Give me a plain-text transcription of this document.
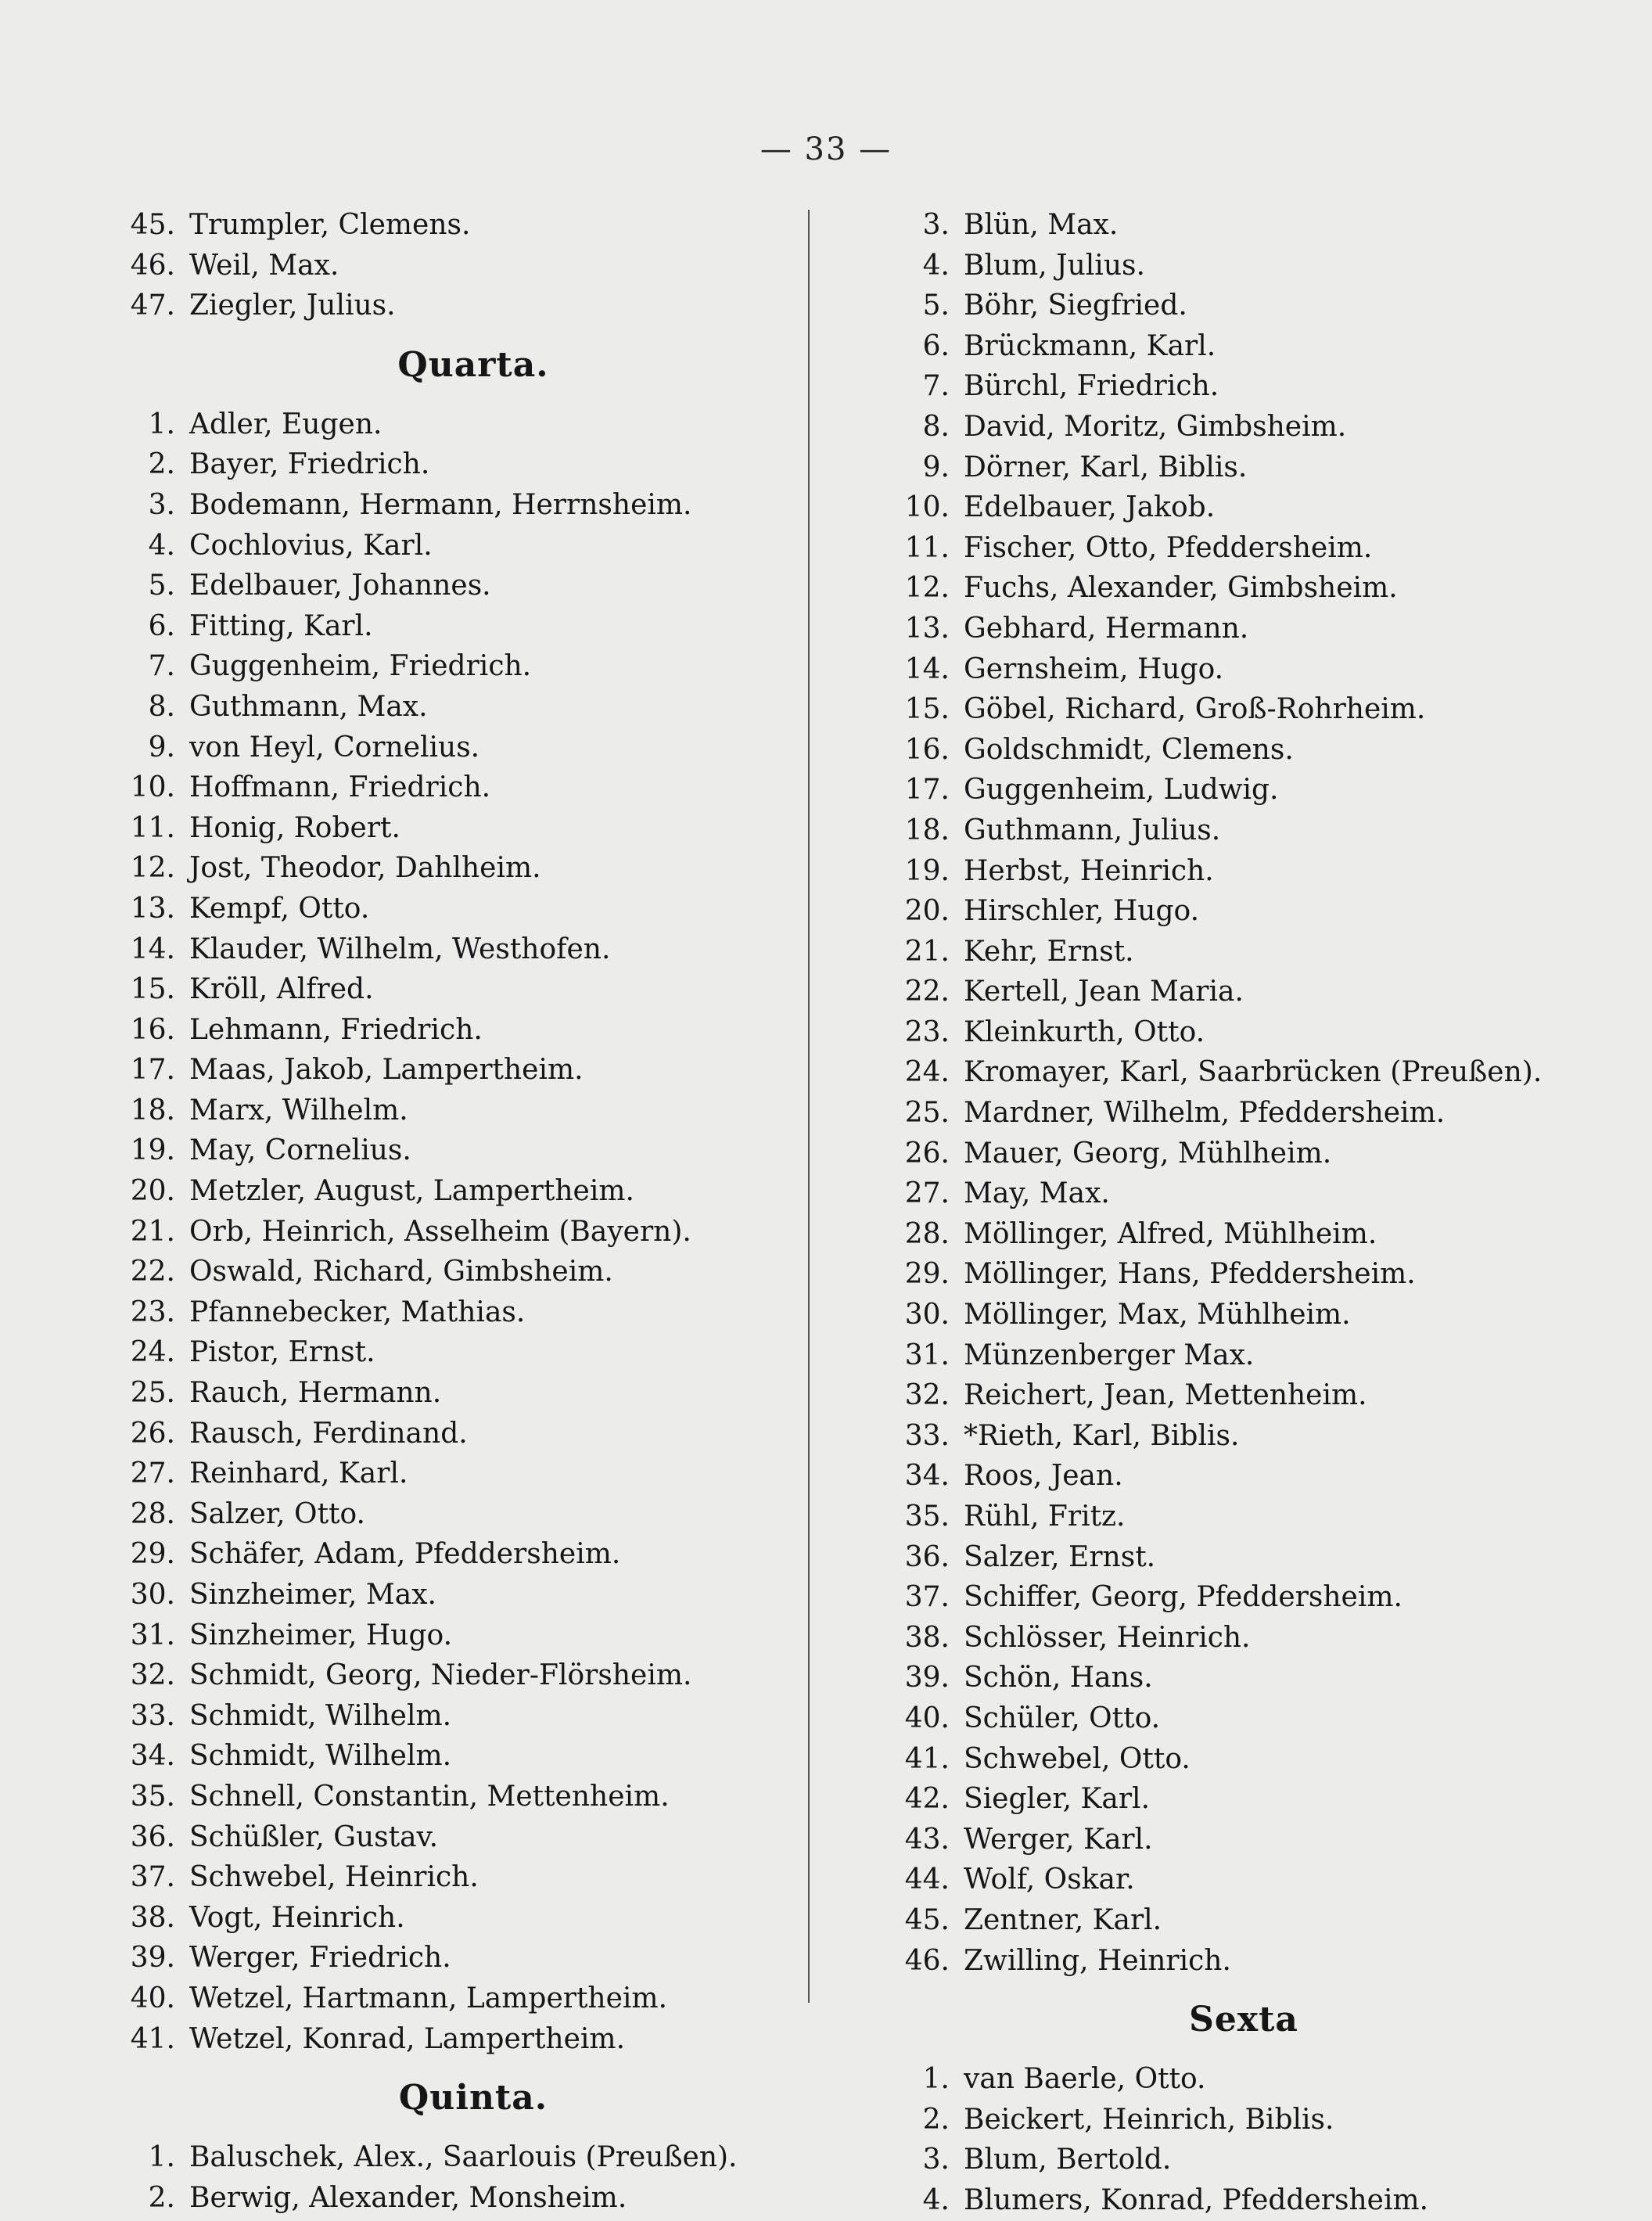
— 33 —
45. Trumpler, Clemens.
46. Weil, Max.
47. Ziegler, Julius.
Quarta.
1. Adler, Eugen.
2. Bayer, Friedrich.
3. Bodemann, Hermann, Herrnsheim.
4. Cochlovius, Karl.
5. Edelbauer, Johannes.
6. Fitting, Karl.
7. Guggenheim, Friedrich.
8. Guthmann, Max.
9. von Heyl, Cornelius.
10. Hoffmann, Friedrich.
11. Honig, Robert.
12. Jost, Theodor, Dahlheim.
13. Kempf, Otto.
14. Klauder, Wilhelm, Westhofen.
15. Kröll, Alfred.
16. Lehmann, Friedrich.
17. Maas, Jakob, Lampertheim.
18. Marx, Wilhelm.
19. May, Cornelius.
20. Metzler, August, Lampertheim.
21. Orb, Heinrich, Asselheim (Bayern).
22. Oswald, Richard, Gimbsheim.
23. Pfannebecker, Mathias.
24. Pistor, Ernst.
25. Rauch, Hermann.
26. Rausch, Ferdinand.
27. Reinhard, Karl.
28. Salzer, Otto.
29. Schäfer, Adam, Pfeddersheim.
30. Sinzheimer, Max.
31. Sinzheimer, Hugo.
32. Schmidt, Georg, Nieder-Flörsheim.
33. Schmidt, Wilhelm.
34. Schmidt, Wilhelm.
35. Schnell, Constantin, Mettenheim.
36. Schüßler, Gustav.
37. Schwebel, Heinrich.
38. Vogt, Heinrich.
39. Werger, Friedrich.
40. Wetzel, Hartmann, Lampertheim.
41. Wetzel, Konrad, Lampertheim.
Quinta.
1. Baluschek, Alex., Saarlouis (Preußen).
2. Berwig, Alexander, Monsheim.
3. Blün, Max.
4. Blum, Julius.
5. Böhr, Siegfried.
6. Brückmann, Karl.
7. Bürchl, Friedrich.
8. David, Moritz, Gimbsheim.
9. Dörner, Karl, Biblis.
10. Edelbauer, Jakob.
11. Fischer, Otto, Pfeddersheim.
12. Fuchs, Alexander, Gimbsheim.
13. Gebhard, Hermann.
14. Gernsheim, Hugo.
15. Göbel, Richard, Groß-Rohrheim.
16. Goldschmidt, Clemens.
17. Guggenheim, Ludwig.
18. Guthmann, Julius.
19. Herbst, Heinrich.
20. Hirschler, Hugo.
21. Kehr, Ernst.
22. Kertell, Jean Maria.
23. Kleinkurth, Otto.
24. Kromayer, Karl, Saarbrücken (Preußen).
25. Mardner, Wilhelm, Pfeddersheim.
26. Mauer, Georg, Mühlheim.
27. May, Max.
28. Möllinger, Alfred, Mühlheim.
29. Möllinger, Hans, Pfeddersheim.
30. Möllinger, Max, Mühlheim.
31. Münzenberger Max.
32. Reichert, Jean, Mettenheim.
33. *Rieth, Karl, Biblis.
34. Roos, Jean.
35. Rühl, Fritz.
36. Salzer, Ernst.
37. Schiffer, Georg, Pfeddersheim.
38. Schlösser, Heinrich.
39. Schön, Hans.
40. Schüler, Otto.
41. Schwebel, Otto.
42. Siegler, Karl.
43. Werger, Karl.
44. Wolf, Oskar.
45. Zentner, Karl.
46. Zwilling, Heinrich.
Sexta
1. van Baerle, Otto.
2. Beickert, Heinrich, Biblis.
3. Blum, Bertold.
4. Blumers, Konrad, Pfeddersheim.
